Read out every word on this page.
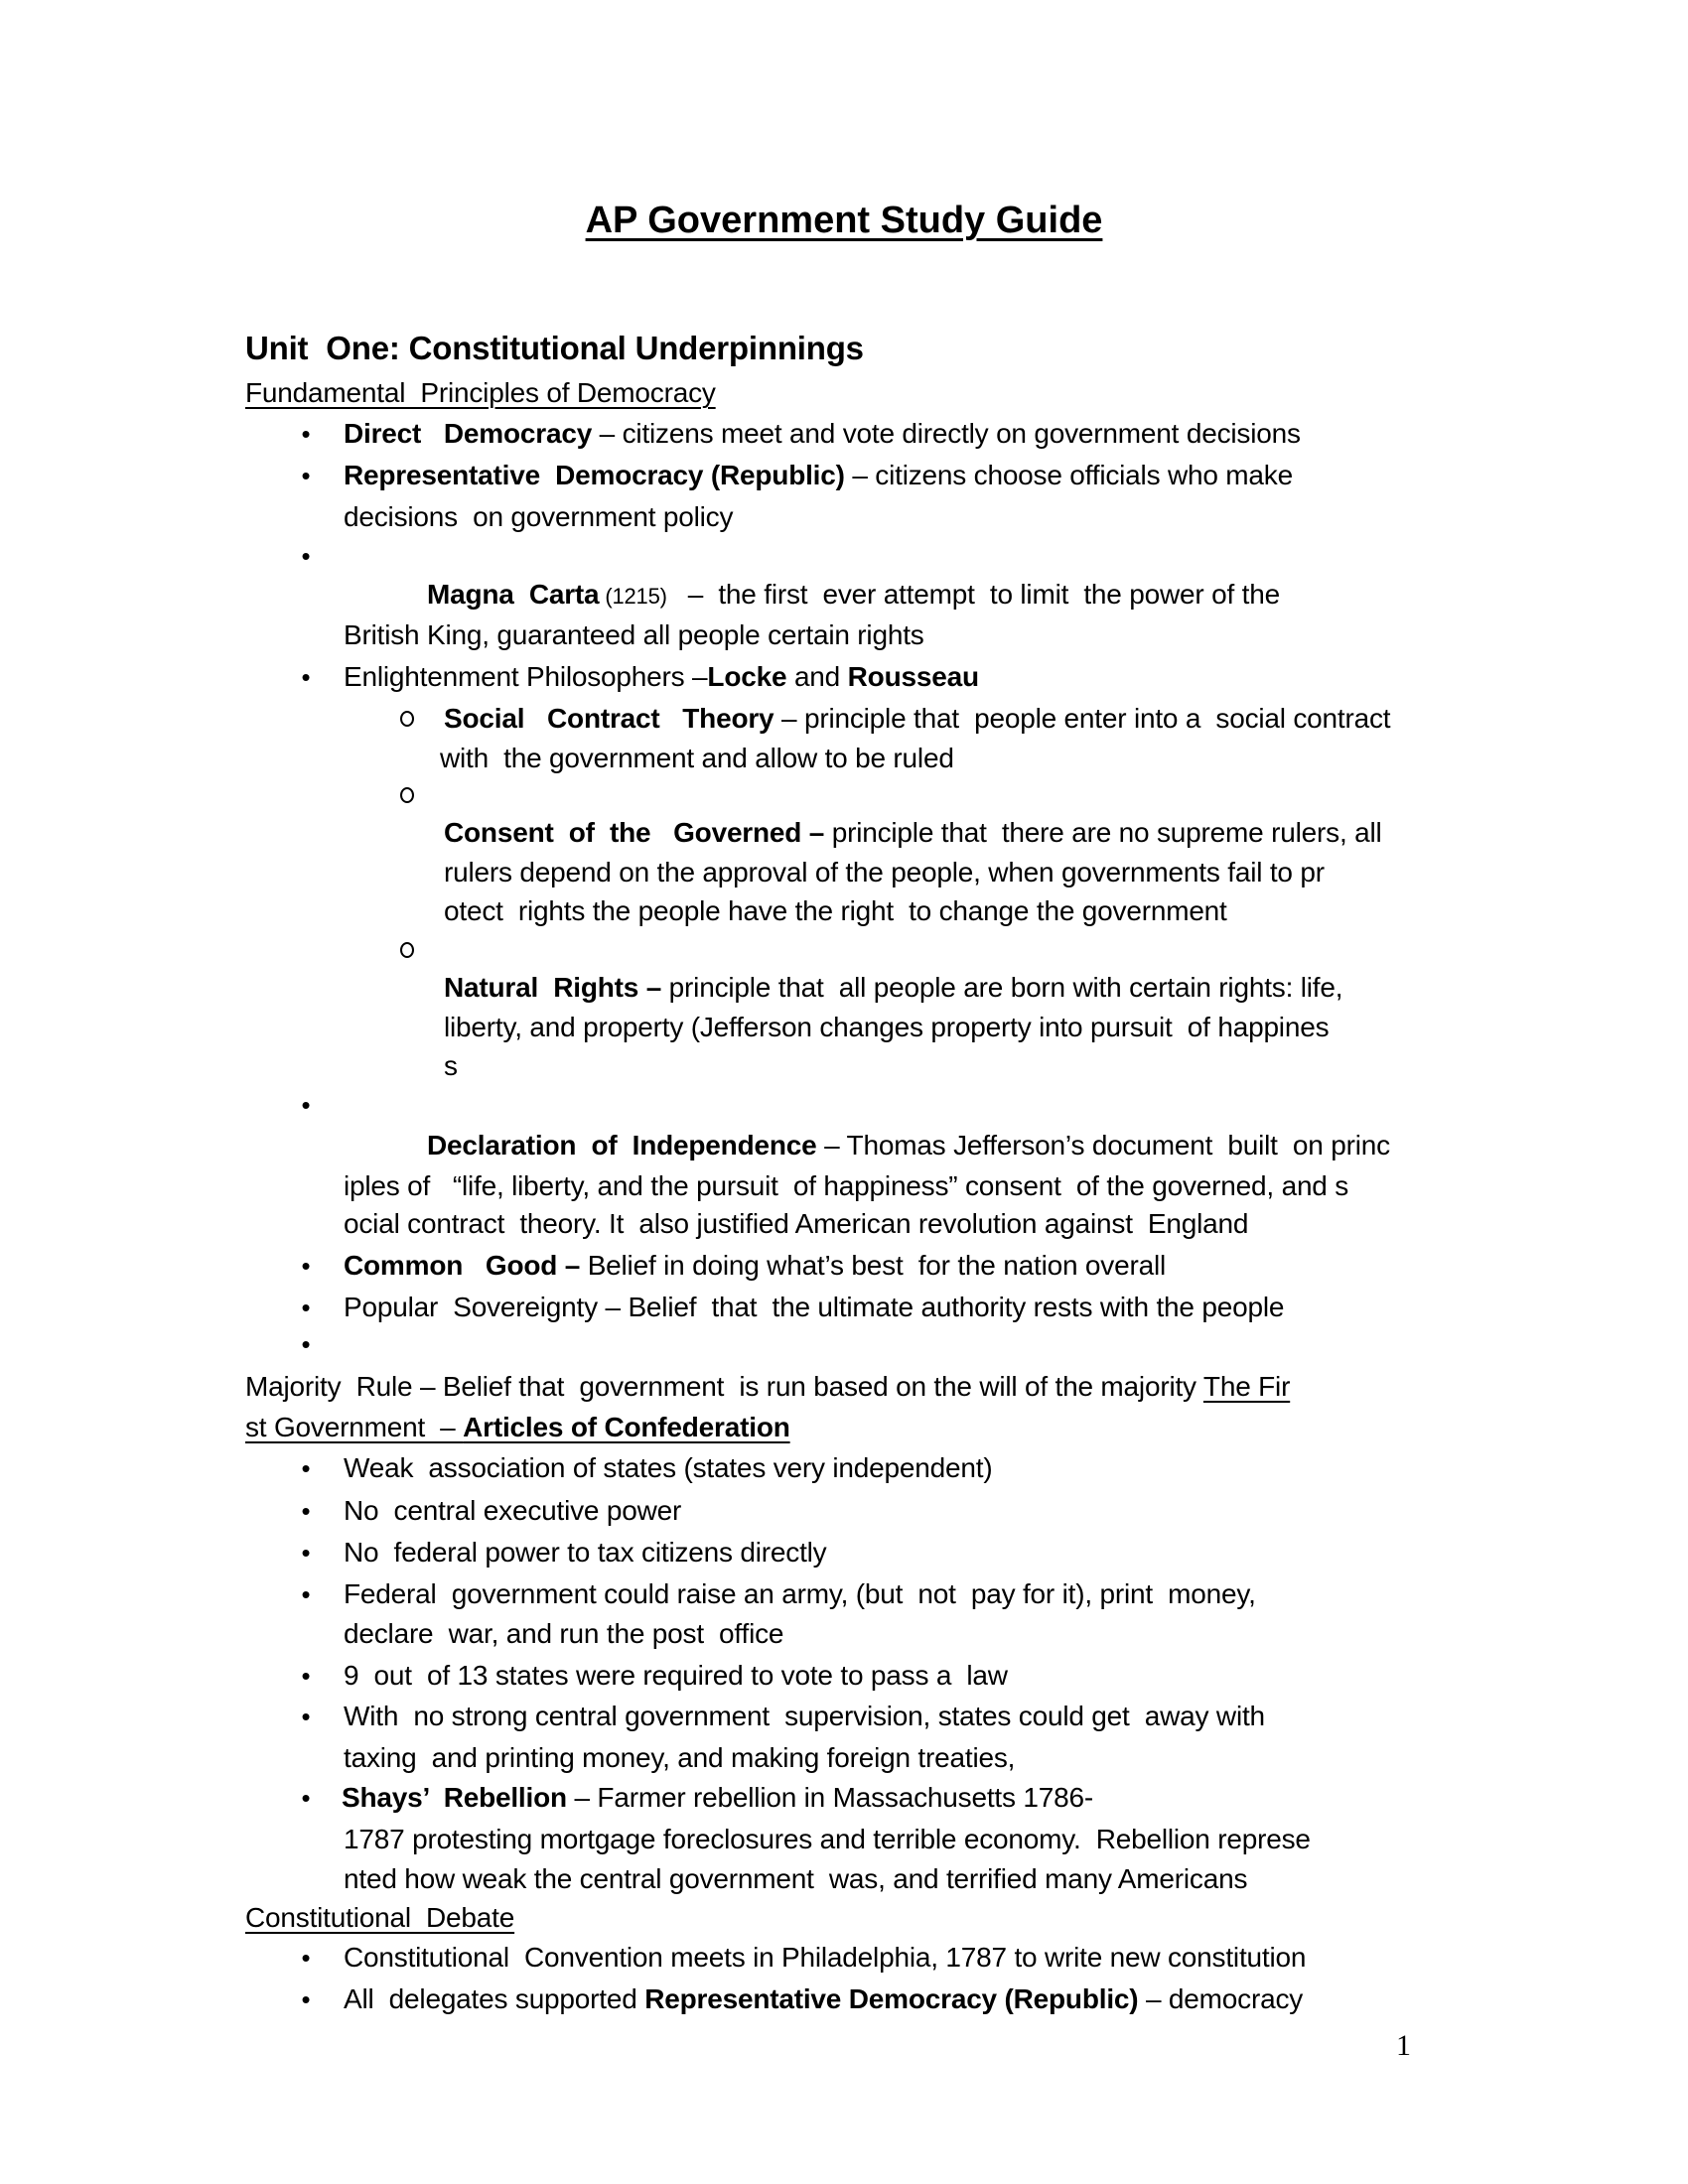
AP Government Study Guide
Unit  One: Constitutional Underpinnings
Fundamental  Principles of Democracy
• Direct   Democracy – citizens meet and vote directly on government decisions
• Representative  Democracy (Republic) – citizens choose officials who make
decisions  on government policy
•
Magna  Carta (1215)   –  the first  ever attempt  to limit  the power of the
British King, guaranteed all people certain rights
• Enlightenment Philosophers –Locke and Rousseau
Social   Contract   Theory – principle that  people enter into a  social contract
with  the government and allow to be ruled
Consent  of  the   Governed – principle that  there are no supreme rulers, all
rulers depend on the approval of the people, when governments fail to pr
otect  rights the people have the right  to change the government
Natural  Rights – principle that  all people are born with certain rights: life,
liberty, and property (Jefferson changes property into pursuit  of happines
s
•
Declaration  of  Independence – Thomas Jefferson’s document  built  on princ
iples of   “life, liberty, and the pursuit  of happiness” consent  of the governed, and s
ocial contract  theory. It  also justified American revolution against  England
• Common   Good – Belief in doing what’s best  for the nation overall
• Popular  Sovereignty – Belief  that  the ultimate authority rests with the people
•
Majority  Rule – Belief that  government  is run based on the will of the majority The Fir
st Government  – Articles of Confederation
• Weak  association of states (states very independent)
• No  central executive power
• No  federal power to tax citizens directly
• Federal  government could raise an army, (but  not  pay for it), print  money,
declare  war, and run the post  office
• 9  out  of 13 states were required to vote to pass a  law
• With  no strong central government  supervision, states could get  away with
taxing  and printing money, and making foreign treaties,
• Shays’  Rebellion – Farmer rebellion in Massachusetts 1786-
1787 protesting mortgage foreclosures and terrible economy.  Rebellion represe
nted how weak the central government  was, and terrified many Americans
Constitutional  Debate
• Constitutional  Convention meets in Philadelphia, 1787 to write new constitution
• All  delegates supported Representative Democracy (Republic) – democracy
1
